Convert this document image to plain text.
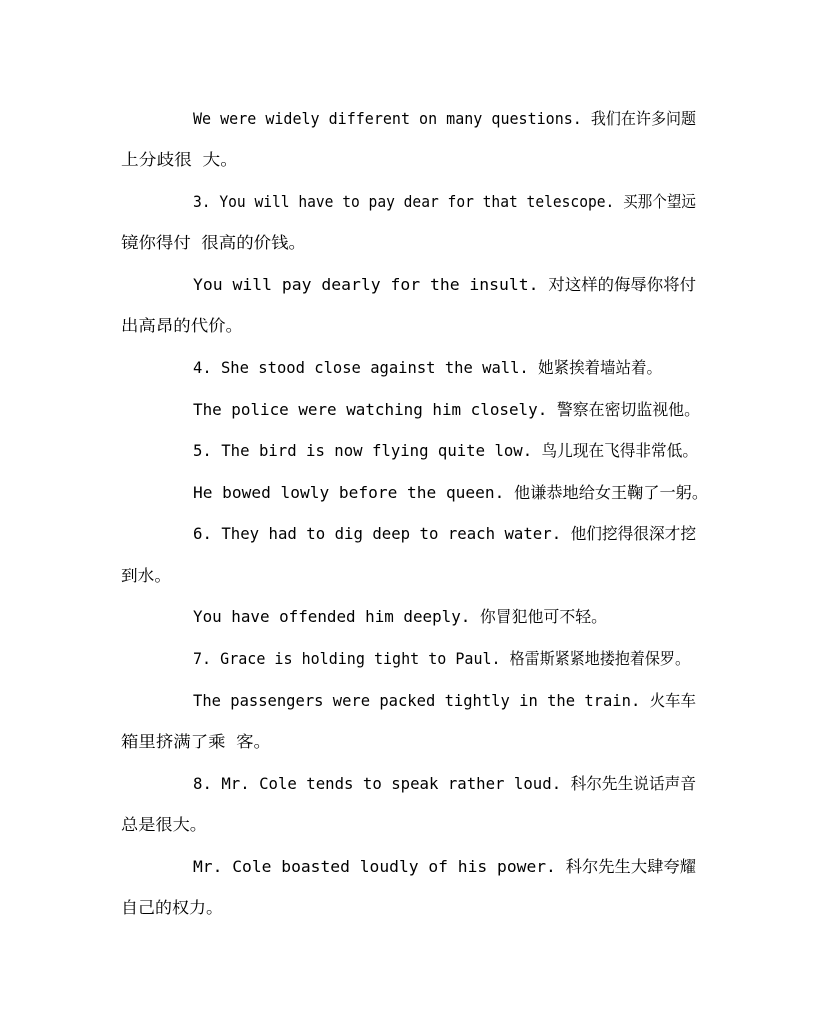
We were widely different on many questions. 我们在许多问题
上分歧很 大。
3. You will have to pay dear for that telescope. 买那个望远
镜你得付 很高的价钱。
You will pay dearly for the insult. 对这样的侮辱你将付
出高昂的代价。
4. She stood close against the wall. 她紧挨着墙站着。
The police were watching him closely. 警察在密切监视他。
5. The bird is now flying quite low. 鸟儿现在飞得非常低。
He bowed lowly before the queen. 他谦恭地给女王鞠了一躬。
6. They had to dig deep to reach water. 他们挖得很深才挖
到水。
You have offended him deeply. 你冒犯他可不轻。
7. Grace is holding tight to Paul. 格雷斯紧紧地搂抱着保罗。
The passengers were packed tightly in the train. 火车车
箱里挤满了乘 客。
8. Mr. Cole tends to speak rather loud. 科尔先生说话声音
总是很大。
Mr. Cole boasted loudly of his power. 科尔先生大肆夸耀
自己的权力。
